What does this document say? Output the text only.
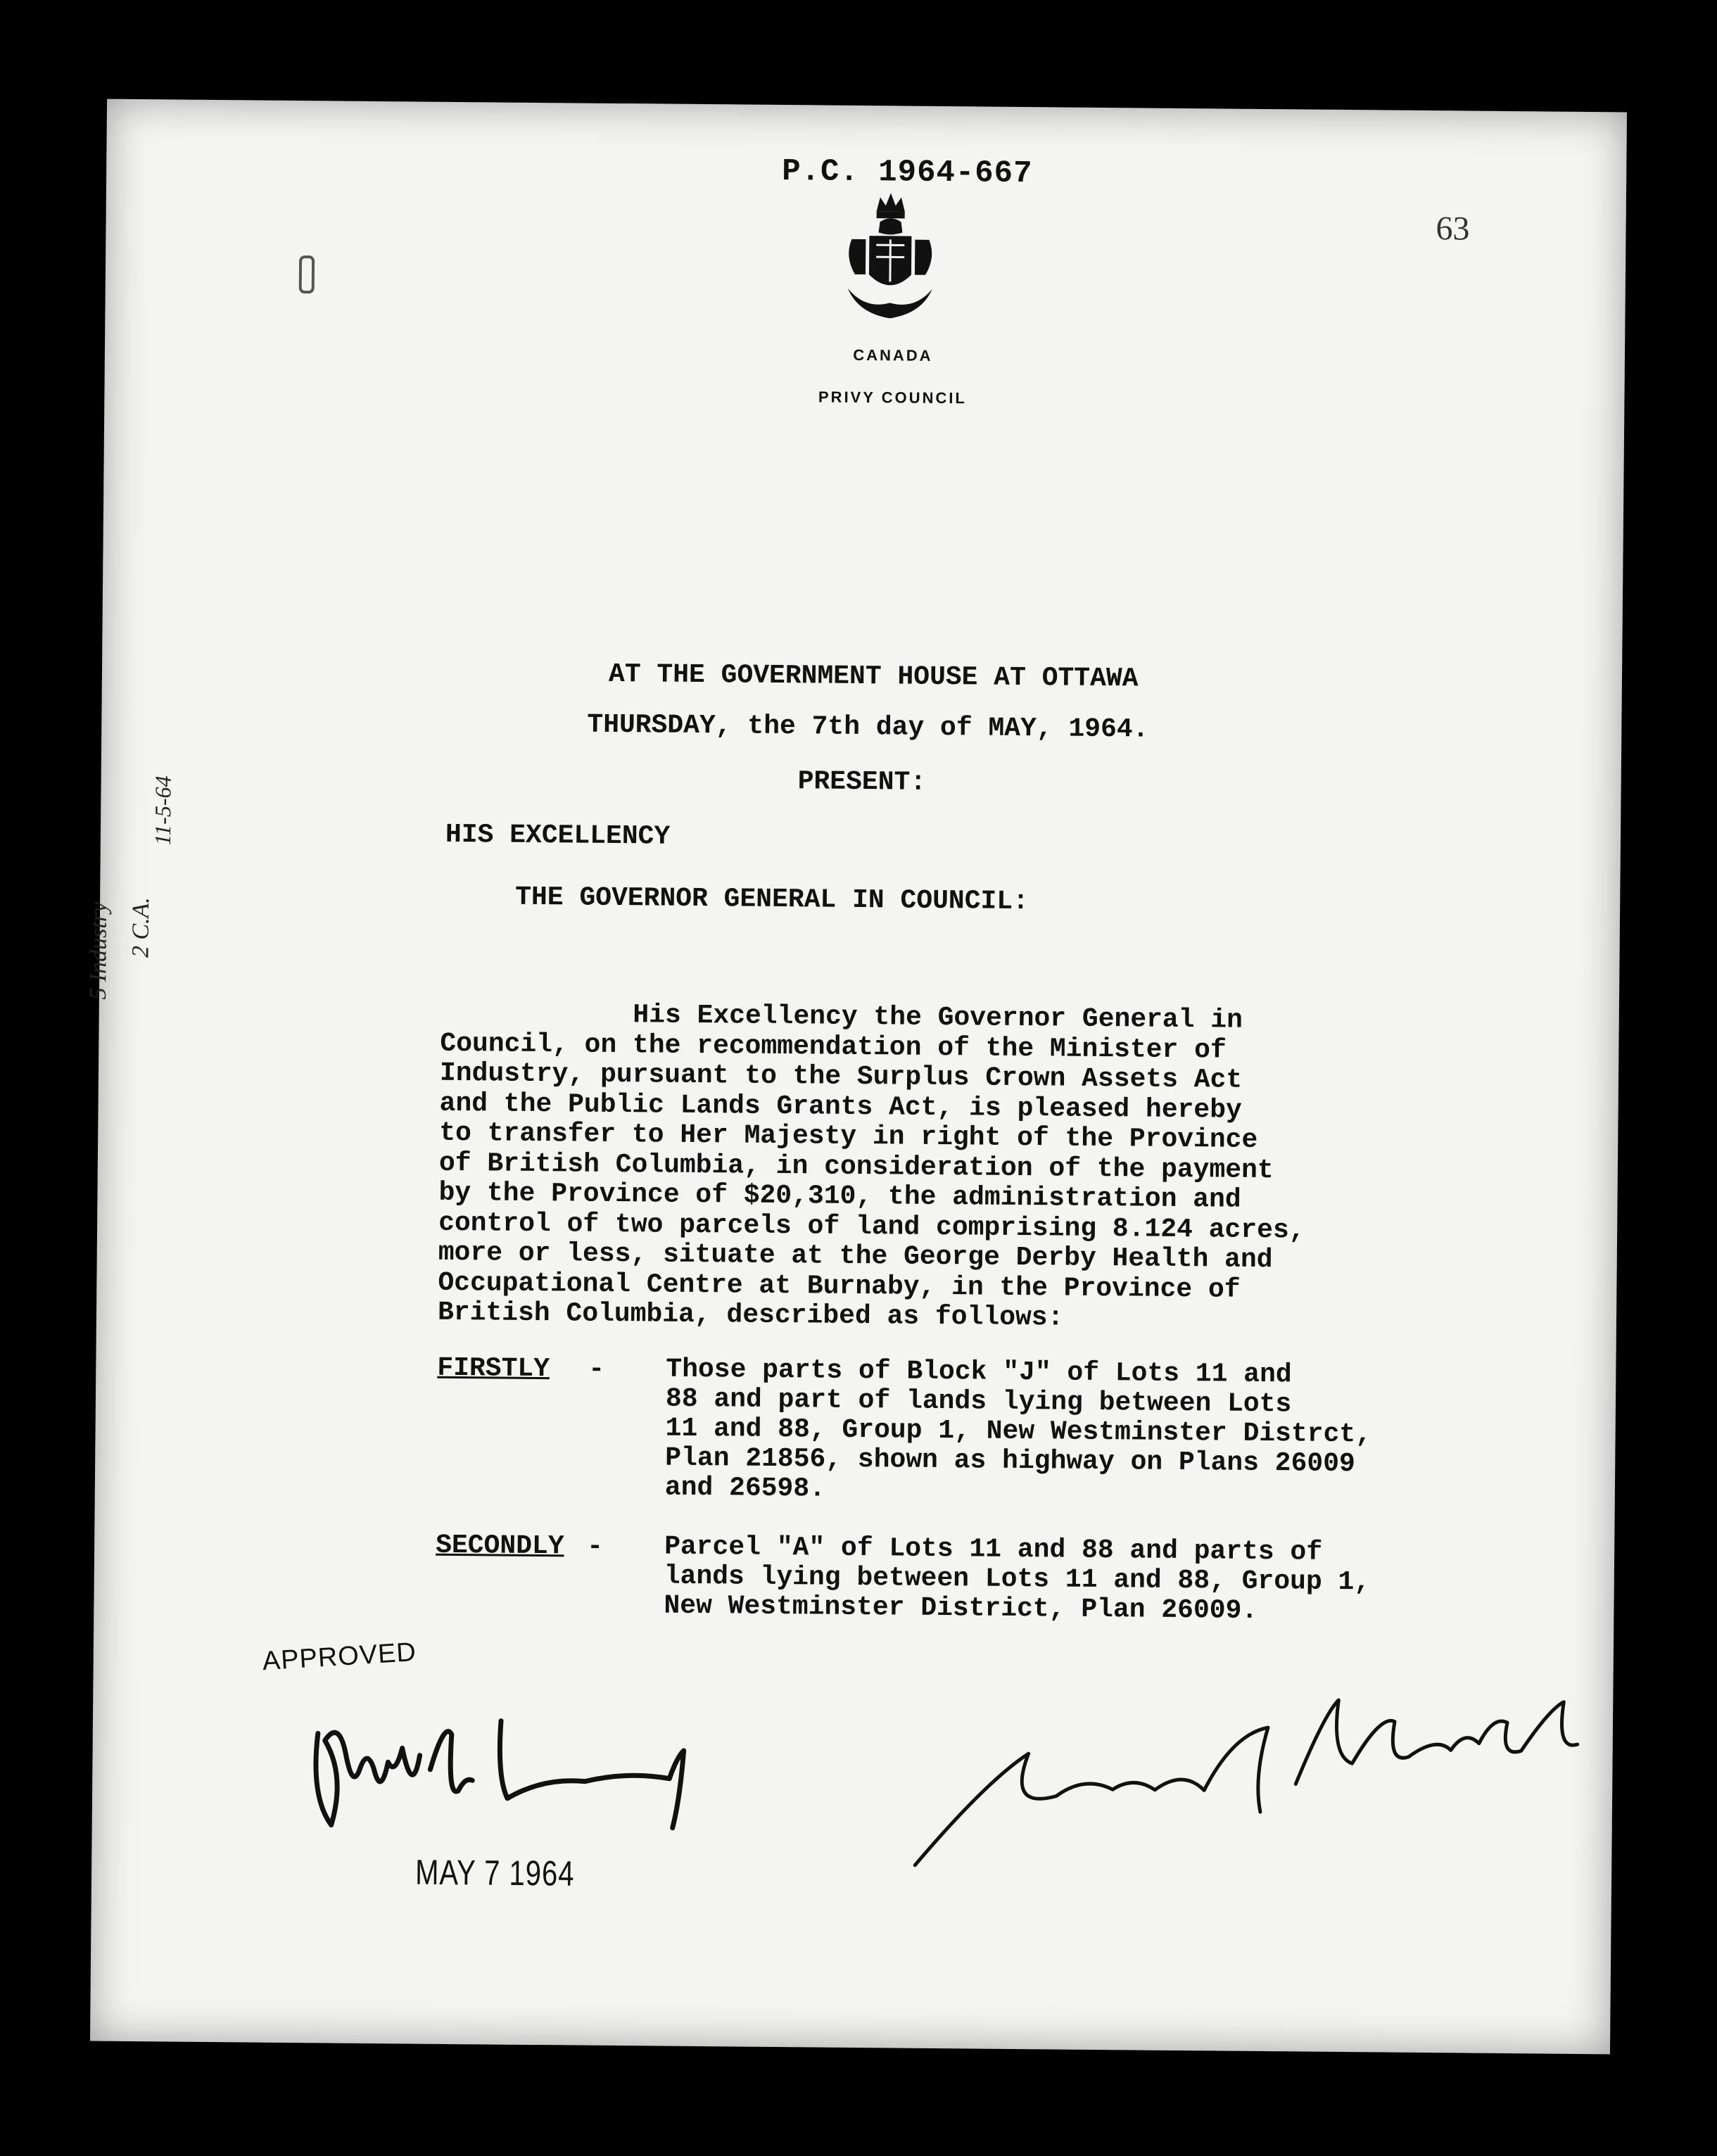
P.C. 1964-667
63
CANADA
PRIVY COUNCIL
AT THE GOVERNMENT HOUSE AT OTTAWA
THURSDAY, the 7th day of MAY, 1964.
PRESENT:
HIS EXCELLENCY
THE GOVERNOR GENERAL IN COUNCIL:
His Excellency the Governor General in
Council, on the recommendation of the Minister of
Industry, pursuant to the Surplus Crown Assets Act
and the Public Lands Grants Act, is pleased hereby
to transfer to Her Majesty in right of the Province
of British Columbia, in consideration of the payment
by the Province of $20,310, the administration and
control of two parcels of land comprising 8.124 acres,
more or less, situate at the George Derby Health and
Occupational Centre at Burnaby, in the Province of
British Columbia, described as follows:
FIRSTLY - Those parts of Block "J" of Lots 11 and
88 and part of lands lying between Lots
11 and 88, Group 1, New Westminster Distrct,
Plan 21856, shown as highway on Plans 26009
and 26598.
SECONDLY - Parcel "A" of Lots 11 and 88 and parts of
lands lying between Lots 11 and 88, Group 1,
New Westminster District, Plan 26009.
APPROVED
MAY 7 1964
5 Industry 2 C.A.
11-5-64
